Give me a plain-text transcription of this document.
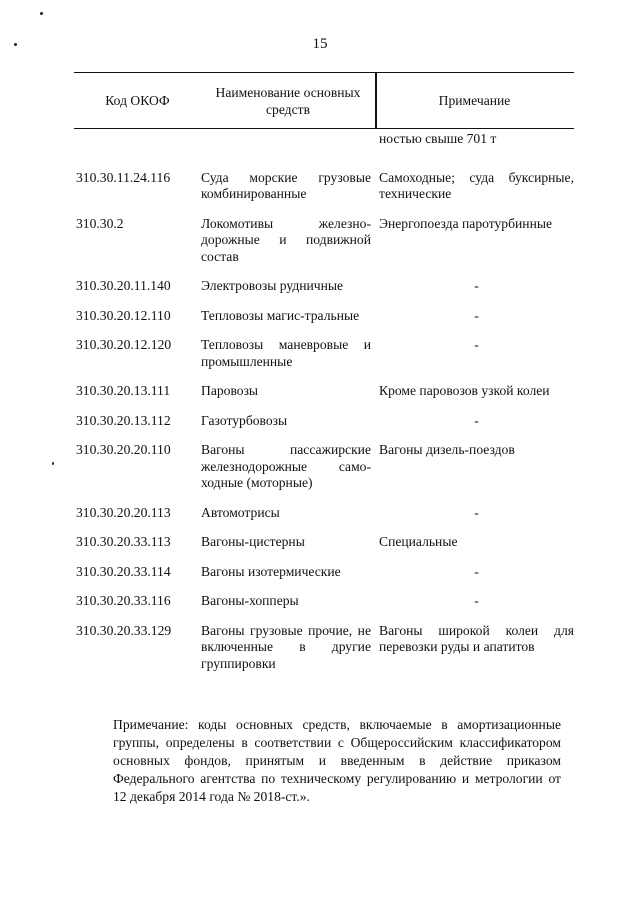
15
Код ОКОФ	Наименование основных средств	Примечание
		ностью свыше 701 т
310.30.11.24.116	Суда морские грузовые комбинированные	Самоходные; суда буксирные, технические
310.30.2	Локомотивы железно-дорожные и подвижной состав	Энергопоезда паротурбинные
310.30.20.11.140	Электровозы рудничные	-

310.30.20.12.110	Тепловозы магис-тральные	-

310.30.20.12.120	Тепловозы маневровые и промышленные	-

310.30.20.13.111	Паровозы	Кроме паровозов узкой колеи
310.30.20.13.112	Газотурбовозы	-

310.30.20.20.110	Вагоны пассажирские железнодорожные само-ходные (моторные)	Вагоны дизель-поездов
310.30.20.20.113	Автомотрисы	-

310.30.20.33.113	Вагоны-цистерны	Специальные
310.30.20.33.114	Вагоны изотермические	-

310.30.20.33.116	Вагоны-хопперы	-

310.30.20.33.129	Вагоны грузовые прочие, не включенные в другие группировки	Вагоны широкой колеи для перевозки руды и апатитов
Примечание: коды основных средств, включаемые в амортизационные группы, определены в соответствии с Общероссийским классификатором основных фондов, принятым и введенным в действие приказом Федерального агентства по техническому регулированию и метрологии от 12 декабря 2014 года № 2018-ст.».
